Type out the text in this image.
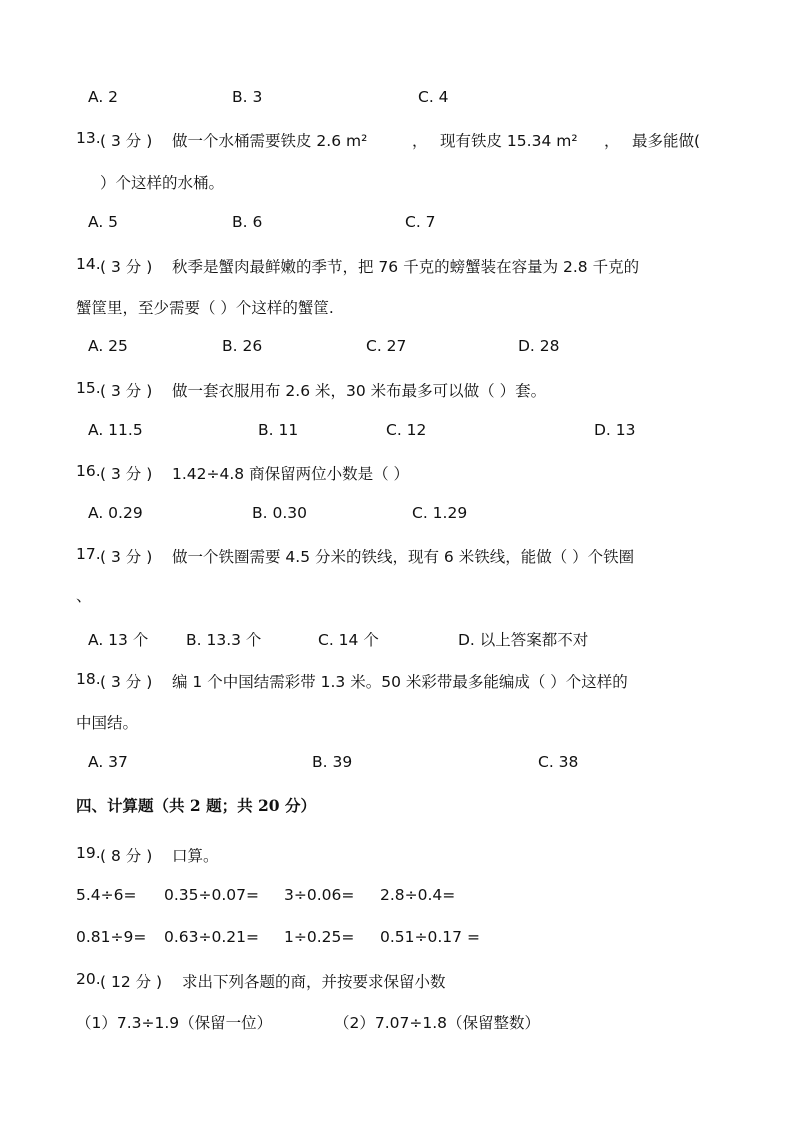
A. 2	B. 3	C. 4
13. ( 3 分 ) 做一个水桶需要铁皮 2.6 m²	， 现有铁皮 15.34 m² ， 最多能做(
）个这样的水桶。
A. 5	B. 6	C. 7
14. ( 3 分 ) 秋季是蟹肉最鲜嫩的季节，把 76 千克的螃蟹装在容量为 2.8 千克的
蟹筐里，至少需要（ ）个这样的蟹筐.
A. 25	B. 26	C. 27	D. 28
15. ( 3 分 ) 做一套衣服用布 2.6 米，30 米布最多可以做（ ）套。
A. 11.5	B. 11	C. 12	D. 13
16. ( 3 分 ) 1.42÷4.8 商保留两位小数是（ ）
A. 0.29	B. 0.30	C. 1.29
17. ( 3 分 ) 做一个铁圈需要 4.5 分米的铁线，现有 6 米铁线，能做（ ）个铁圈
、
A. 13 个 B. 13.3 个	C. 14 个	D. 以上答案都不对
18. ( 3 分 ) 编 1 个中国结需彩带 1.3 米。50 米彩带最多能编成（ ）个这样的
中国结。
A. 37	B. 39	C. 38
四、计算题（共 2 题；共 20 分）
19. ( 8 分 ) 口算。
5.4÷6= 0.35÷0.07= 3÷0.06= 2.8÷0.4=
0.81÷9= 0.63÷0.21= 1÷0.25= 0.51÷0.17 =
20. ( 12 分 ) 求出下列各题的商，并按要求保留小数
（1）7.3÷1.9（保留一位）	（2）7.07÷1.8（保留整数）
